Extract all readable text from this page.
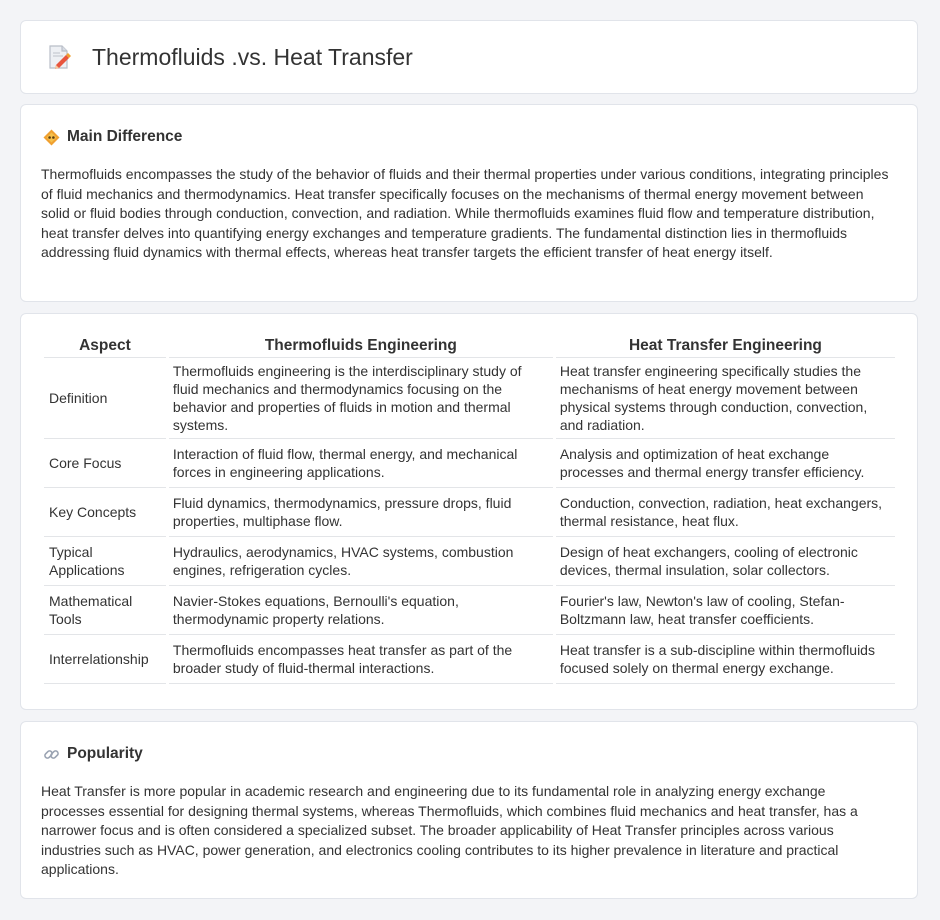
Thermofluids .vs. Heat Transfer
Main Difference

Thermofluids encompasses the study of the behavior of fluids and their thermal properties under various conditions, integrating principles of fluid mechanics and thermodynamics. Heat transfer specifically focuses on the mechanisms of thermal energy movement between solid or fluid bodies through conduction, convection, and radiation. While thermofluids examines fluid flow and temperature distribution, heat transfer delves into quantifying energy exchanges and temperature gradients. The fundamental distinction lies in thermofluids addressing fluid dynamics with thermal effects, whereas heat transfer targets the efficient transfer of heat energy itself.

Aspect	Thermofluids Engineering	Heat Transfer Engineering
Definition	Thermofluids engineering is the interdisciplinary study of fluid mechanics and thermodynamics focusing on the behavior and properties of fluids in motion and thermal systems.	Heat transfer engineering specifically studies the mechanisms of heat energy movement between physical systems through conduction, convection, and radiation.
Core Focus	Interaction of fluid flow, thermal energy, and mechanical forces in engineering applications.	Analysis and optimization of heat exchange processes and thermal energy transfer efficiency.
Key Concepts	Fluid dynamics, thermodynamics, pressure drops, fluid properties, multiphase flow.	Conduction, convection, radiation, heat exchangers, thermal resistance, heat flux.
Typical Applications	Hydraulics, aerodynamics, HVAC systems, combustion engines, refrigeration cycles.	Design of heat exchangers, cooling of electronic devices, thermal insulation, solar collectors.
Mathematical Tools	Navier-Stokes equations, Bernoulli's equation, thermodynamic property relations.	Fourier's law, Newton's law of cooling, Stefan-Boltzmann law, heat transfer coefficients.
Interrelationship	Thermofluids encompasses heat transfer as part of the broader study of fluid-thermal interactions.	Heat transfer is a sub-discipline within thermofluids focused solely on thermal energy exchange.
Popularity

Heat Transfer is more popular in academic research and engineering due to its fundamental role in analyzing energy exchange processes essential for designing thermal systems, whereas Thermofluids, which combines fluid mechanics and heat transfer, has a narrower focus and is often considered a specialized subset. The broader applicability of Heat Transfer principles across various industries such as HVAC, power generation, and electronics cooling contributes to its higher prevalence in literature and practical applications.
